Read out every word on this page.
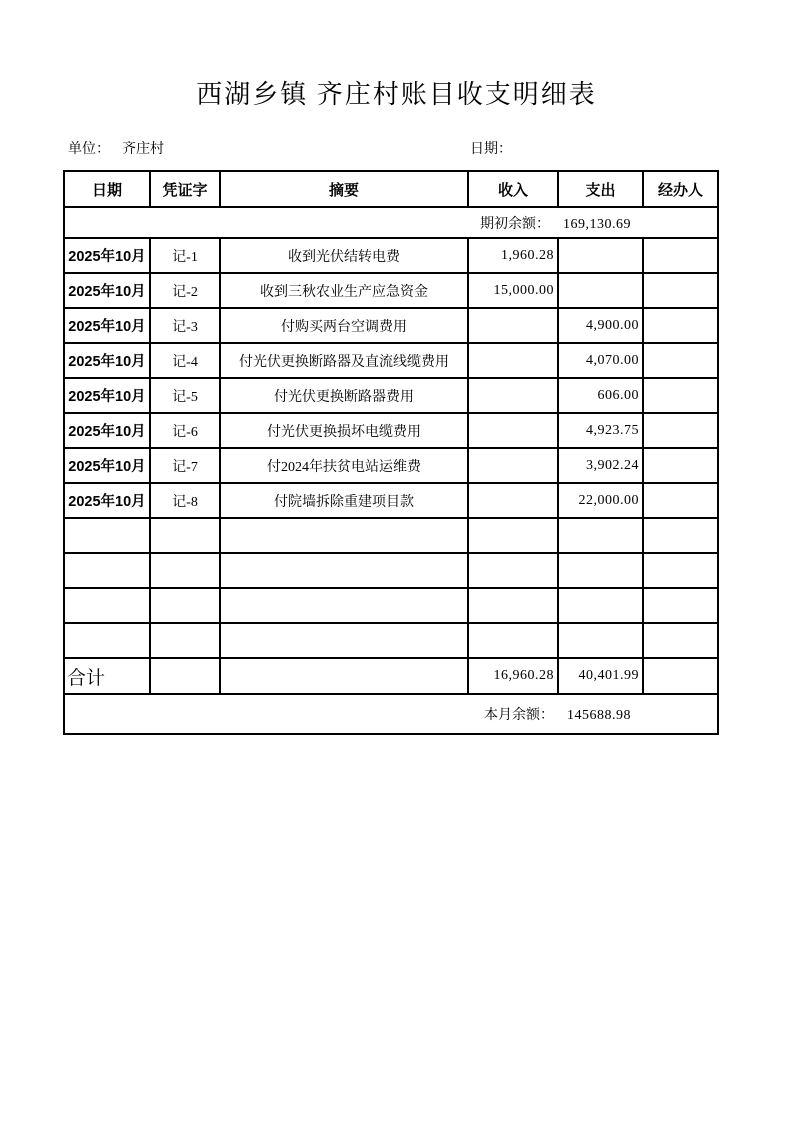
西湖乡镇 齐庄村账目收支明细表
单位： 齐庄村	日期：
日期	凭证字	摘要	收入	支出	经办人
期初余额： 169,130.69					
2025年10月	记-1	收到光伏结转电费	1,960.28		
2025年10月	记-2	收到三秋农业生产应急资金	15,000.00		
2025年10月	记-3	付购买两台空调费用		4,900.00	
2025年10月	记-4	付光伏更换断路器及直流线缆费用		4,070.00	
2025年10月	记-5	付光伏更换断路器费用		606.00	
2025年10月	记-6	付光伏更换损坏电缆费用		4,923.75	
2025年10月	记-7	付2024年扶贫电站运维费		3,902.24	
2025年10月	记-8	付院墙拆除重建项目款		22,000.00	

合计			16,960.28	40,401.99	
本月余额： 145688.98					
